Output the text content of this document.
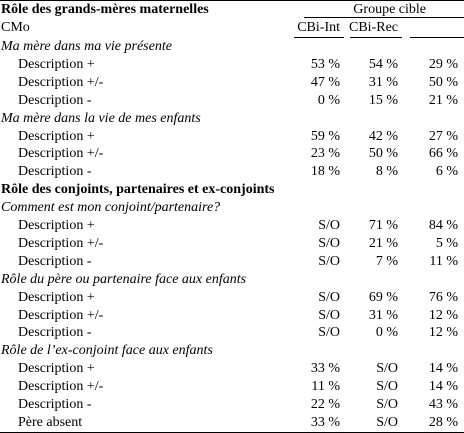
Rôle des grands-mères maternelles	Groupe cible
CMo	CBi-Int CBi-Rec
Ma mère dans ma vie présente
Description +	53 % 54 % 29 %
Description +/-	47 % 31 % 50 %
Description -	0 % 15 % 21 %
Ma mère dans la vie de mes enfants
Description +	59 % 42 % 27 %
Description +/-	23 % 50 % 66 %
Description -	18 %	8 %	6 %
Rôle des conjoints, partenaires et ex-conjoints
Comment est mon conjoint/partenaire?
Description +	S/O 71 % 84 %
Description +/-	S/O 21 %	5 %
Description -	S/O	7 % 11 %
Rôle du père ou partenaire face aux enfants
Description +	S/O 69 % 76 %
Description +/-	S/O 31 % 12 %
Description -	S/O	0 % 12 %
Rôle de l’ex-conjoint face aux enfants
Description +	33 %	S/O 14 %
Description +/-	11 %	S/O 14 %
Description -	22 %	S/O 43 %
Père absent	33 %	S/O 28 %
